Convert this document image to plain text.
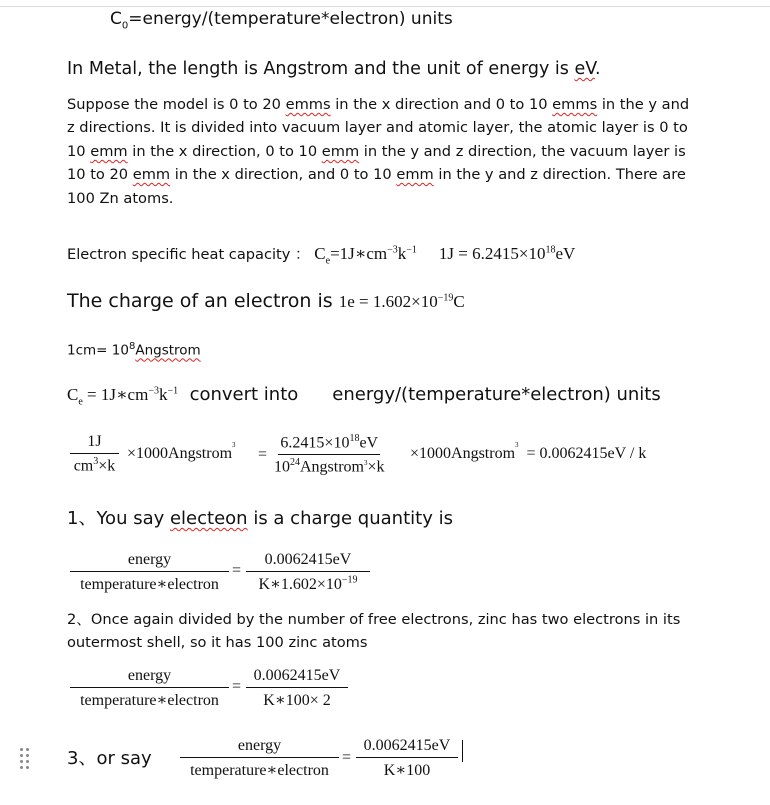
$C_0=energy/(temperature*electron)$ units
In Metal, the length is Angstrom and the unit of energy is eV.
Suppose the model is 0 to 20 emms in the x direction and 0 to 10 emms in the y and z directions. It is divided into vacuum layer and atomic layer, the atomic layer is 0 to 10 emm in the x direction, 0 to 10 emm in the y and z direction, the vacuum layer is 10 to 20 emm in the x direction, and 0 to 10 emm in the y and z direction. There are 100 Zn atoms.
Electron specific heat capacity ： $C_e=1J∗cm^{-3}k^{-1}$ $1J = 6.2415\times 10^{18}eV$
The charge of an electron is $1e = 1.602\times 10^{-19}C$
$1cm= 10^8Angstrom$
$C_e$ = $1J∗cm^{-3}k^{-1}$ convert into energy/(temperature*electron) units
$\frac{1J}{cm^3\times k}$ ×1000Angstrom$^3$
=
$6.2415\times 10^{18}eV$
$10^{24}Angstrom^3\times k$
×1000Angstrom$^3$= 0.0062415eV / k
1、You say electeon is a charge quantity is
energy
temperature∗electron
= $\frac{0.0062415eV}{K∗1.602\times 10^{-19}}$
2、Once again divided by the number of free electrons, zinc has two electrons in its outermost shell, so it has 100 zinc atoms
energy
temperature∗electron
= $\frac{0.0062415eV}{K∗100\times 2}$
3、or say
energy
temperature∗electron
= $\frac{0.0062415eV}{K∗100}$
